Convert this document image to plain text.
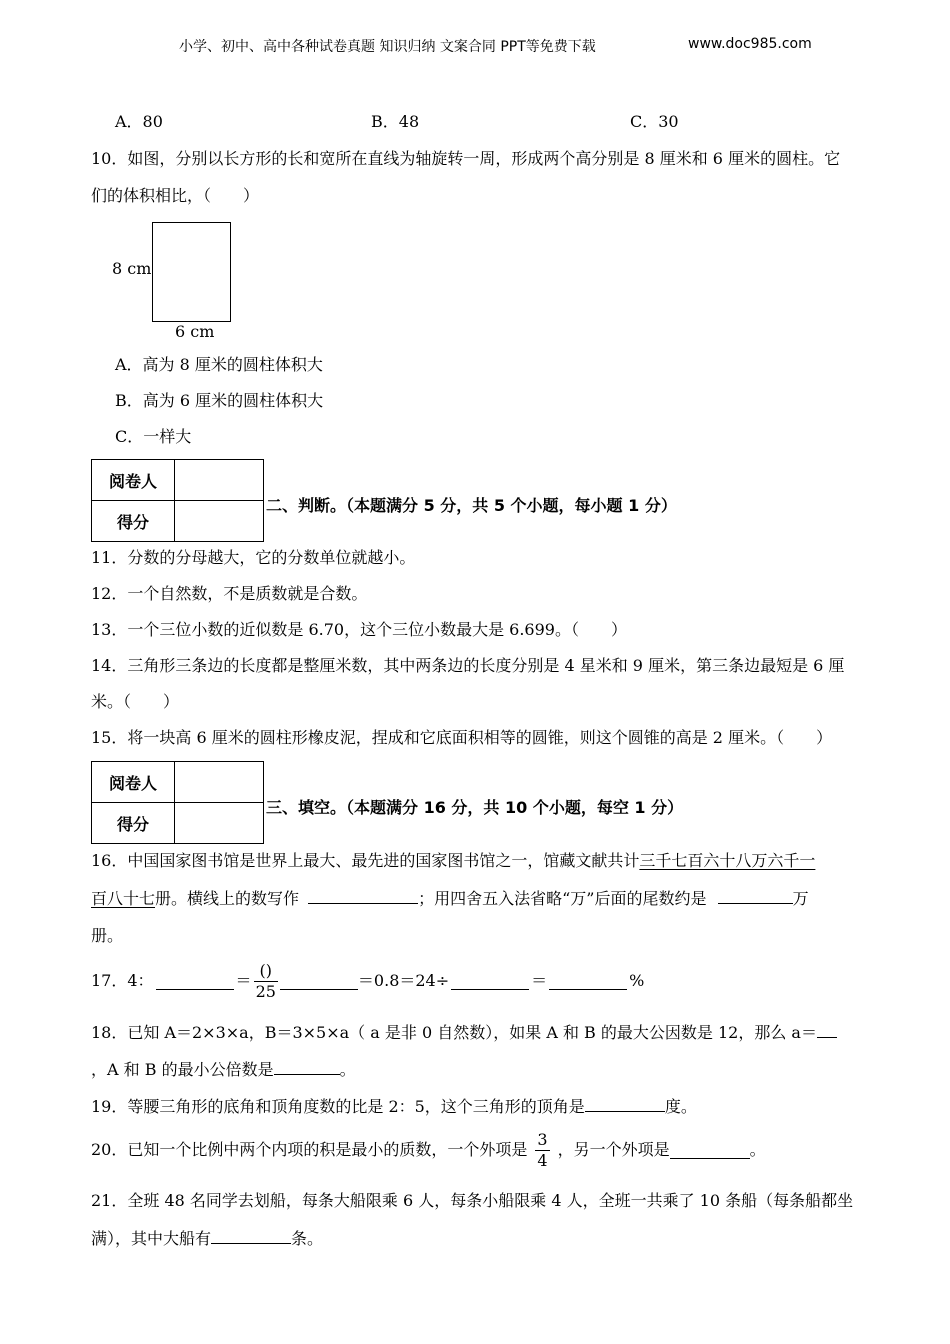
小学、初中、高中各种试卷真题 知识归纳 文案合同 PPT等免费下载	www.doc985.com
A．80	B．48	C．30
10．如图，分别以长方形的长和宽所在直线为轴旋转一周，形成两个高分别是 8 厘米和 6 厘米的圆柱。它
们的体积相比，（　　）
8 cm
6 cm
A．高为 8 厘米的圆柱体积大
B．高为 6 厘米的圆柱体积大
C．一样大
阅卷人	
得分	
二、判断。（本题满分 5 分，共 5 个小题，每小题 1 分）
11．分数的分母越大，它的分数单位就越小。
12．一个自然数，不是质数就是合数。
13．一个三位小数的近似数是 6.70，这个三位小数最大是 6.699。（　　）
14．三角形三条边的长度都是整厘米数，其中两条边的长度分别是 4 星米和 9 厘米，第三条边最短是 6 厘
米。（　　）
15．将一块高 6 厘米的圆柱形橡皮泥，捏成和它底面积相等的圆锥，则这个圆锥的高是 2 厘米。（　　）
阅卷人	
得分	
三、填空。（本题满分 16 分，共 10 个小题，每空 1 分）
16．中国国家图书馆是世界上最大、最先进的国家图书馆之一，馆藏文献共计三千七百六十八万六千一
百八十七册。横线上的数写作	；用四舍五入法省略“万”后面的尾数约是	万
册。
17．4：	＝ $\frac{()}{25}$	＝0.8＝24÷	＝	%
18．已知 A＝2×3×a，B＝3×5×a（ a 是非 0 自然数），如果 A 和 B 的最大公因数是 12，那么 a＝
，A 和 B 的最小公倍数是	。
19．等腰三角形的底角和顶角度数的比是 2：5，这个三角形的顶角是	度。
20．已知一个比例中两个内项的积是最小的质数，一个外项是 $\frac{3}{4}$ ，另一个外项是	。
21．全班 48 名同学去划船，每条大船限乘 6 人，每条小船限乘 4 人，全班一共乘了 10 条船（每条船都坐
满），其中大船有	条。
